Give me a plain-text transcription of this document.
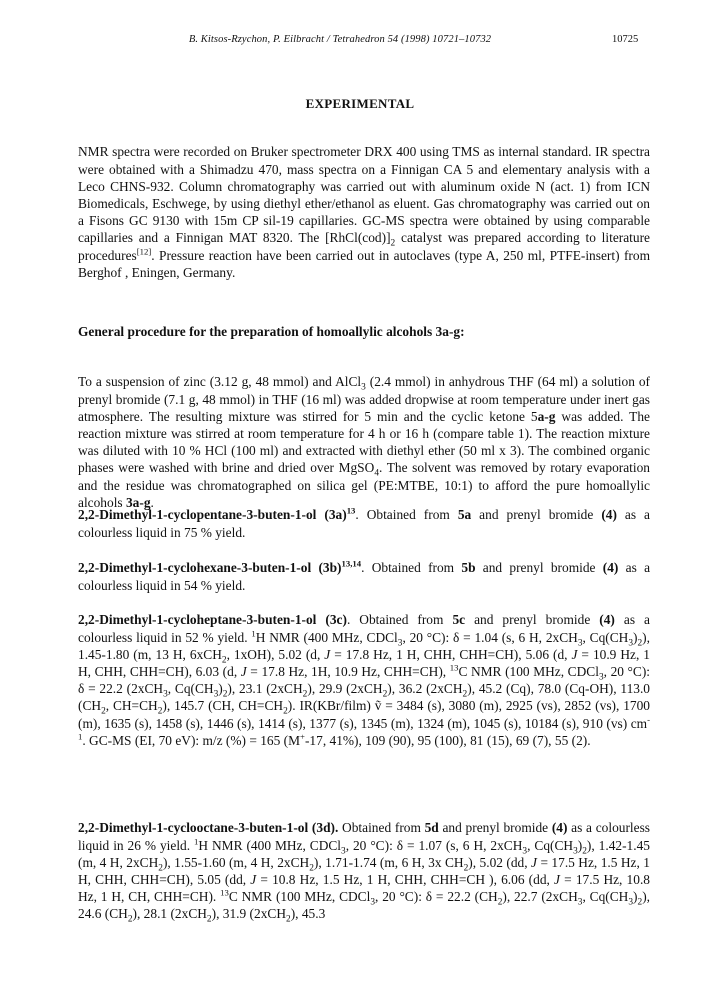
B. Kitsos-Rzychon, P. Eilbracht / Tetrahedron 54 (1998) 10721–10732	10725
EXPERIMENTAL

NMR spectra were recorded on Bruker spectrometer DRX 400 using TMS as internal standard. IR spectra were obtained with a Shimadzu 470, mass spectra on a Finnigan CA 5 and elementary analysis with a Leco CHNS-932. Column chromatography was carried out with aluminum oxide N (act. 1) from ICN Biomedicals, Eschwege, by using diethyl ether/ethanol as eluent. Gas chromatography was carried out on a Fisons GC 9130 with 15m CP sil-19 capillaries. GC-MS spectra were obtained by using comparable capillaries and a Finnigan MAT 8320. The $[RhCl(cod)]_2$ catalyst was prepared according to literature procedures[12]. Pressure reaction have been carried out in autoclaves (type A, 250 ml, PTFE-insert) from Berghof , Eningen, Germany.

General procedure for the preparation of homoallylic alcohols 3a-g:

To a suspension of zinc (3.12 g, 48 mmol) and AlCl$_3$ (2.4 mmol) in anhydrous THF (64 ml) a solution of prenyl bromide (7.1 g, 48 mmol) in THF (16 ml) was added dropwise at room temperature under inert gas atmosphere. The resulting mixture was stirred for 5 min and the cyclic ketone 5a-g was added. The reaction mixture was stirred at room temperature for 4 h or 16 h (compare table 1). The reaction mixture was diluted with 10 % HCl (100 ml) and extracted with diethyl ether (50 ml x 3). The combined organic phases were washed with brine and dried over MgSO$_4$. The solvent was removed by rotary evaporation and the residue was chromatographed on silica gel (PE:MTBE, 10:1) to afford the pure homoallylic alcohols 3a-g.

2,2-Dimethyl-1-cyclopentane-3-buten-1-ol $(3a)^{13}$. Obtained from 5a and prenyl bromide (4) as a colourless liquid in 75 % yield.

2,2-Dimethyl-1-cyclohexane-3-buten-1-ol $(3b)^{13,14}$. Obtained from 5b and prenyl bromide (4) as a colourless liquid in 54 % yield.

2,2-Dimethyl-1-cycloheptane-3-buten-1-ol (3c). Obtained from 5c and prenyl bromide (4) as a colourless liquid in 52 % yield. $^1$H NMR (400 MHz, CDCl$_3$, 20 °C): δ = 1.04 (s, 6 H, 2xCH$_3$, $Cq(CH_3)_2$), 1.45-1.80 (m, 13 H, 6xCH$_2$, 1xOH), 5.02 (d, J = 17.8 Hz, 1 H, CHH, CHH=CH), 5.06 (d, J = 10.9 Hz, 1 H, CHH, CHH=CH), 6.03 (d, J = 17.8 Hz, 1H, 10.9 Hz, CHH=CH), $^{13}$C NMR (100 MHz, CDCl$_3$, 20 °C): δ = 22.2 (2xCH$_3$, $Cq(CH_3)_2$), 23.1 (2xCH$_2$), 29.9 (2xCH$_2$), 36.2 (2xCH$_2$), 45.2 (Cq), 78.0 (Cq-OH), 113.0 ($CH_2$, $CH=CH_2$), 145.7 (CH, $CH=CH_2$). IR(KBr/film) ṽ = 3484 (s), 3080 (m), 2925 (vs), 2852 (vs), 1700 (m), 1635 (s), 1458 (s), 1446 (s), 1414 (s), 1377 (s), 1345 (m), 1324 (m), 1045 (s), 10184 (s), 910 (vs) $cm^{-1}$. GC-MS (EI, 70 eV): m/z (%) = 165 (M+-17, 41%), 109 (90), 95 (100), 81 (15), 69 (7), 55 (2).

2,2-Dimethyl-1-cyclooctane-3-buten-1-ol (3d). Obtained from 5d and prenyl bromide (4) as a colourless liquid in 26 % yield. $^1$H NMR (400 MHz, CDCl$_3$, 20 °C): δ = 1.07 (s, 6 H, 2xCH$_3$, $Cq(CH_3)_2$), 1.42-1.45 (m, 4 H, 2xCH$_2$), 1.55-1.60 (m, 4 H, 2xCH$_2$), 1.71-1.74 (m, 6 H, 3x $CH_2$), 5.02 (dd, J = 17.5 Hz, 1.5 Hz, 1 H, CHH, CHH=CH), 5.05 (dd, J = 10.8 Hz, 1.5 Hz, 1 H, CHH, CHH=CH ), 6.06 (dd, J = 17.5 Hz, 10.8 Hz, 1 H, CH, CHH=CH). $^{13}$C NMR (100 MHz, CDCl$_3$, 20 °C): δ = 22.2 $(CH_2)$, 22.7 (2xCH$_3$, $Cq(CH_3)_2$), 24.6 $(CH_2)$, 28.1 (2xCH$_2$), 31.9 (2xCH$_2$), 45.3
